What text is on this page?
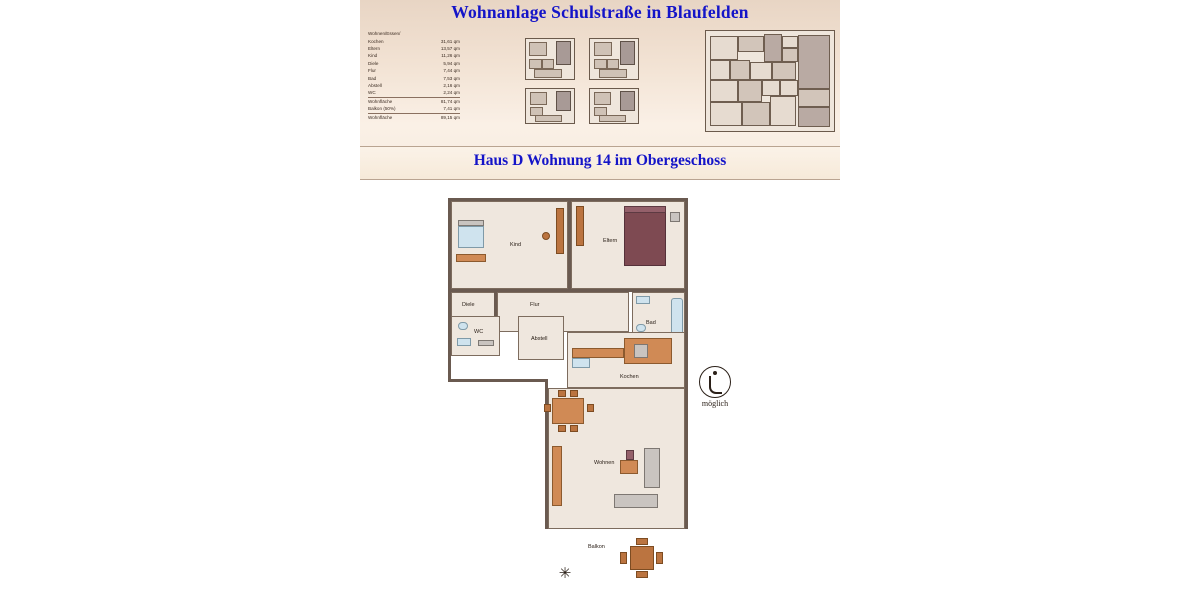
Wohnanlage Schulstraße in Blaufelden
Wohnen/Essen/
Kochen	31,61 qm
Eltern	13,57 qm
Kind	11,26 qm
Diele	5,94 qm
Flur	7,44 qm
Bad	7,53 qm
Abstell	2,16 qm
WC	2,24 qm
Wohnfläche	81,74 qm
Balkon (50%)	7,41 qm
Wohnfläche	89,15 qm
Haus D Wohnung 14 im Obergeschoss
Kind
Eltern
Diele	Flur
WC
Abstell
Bad
Kochen
Wohnen
Balkon
möglich
✳
